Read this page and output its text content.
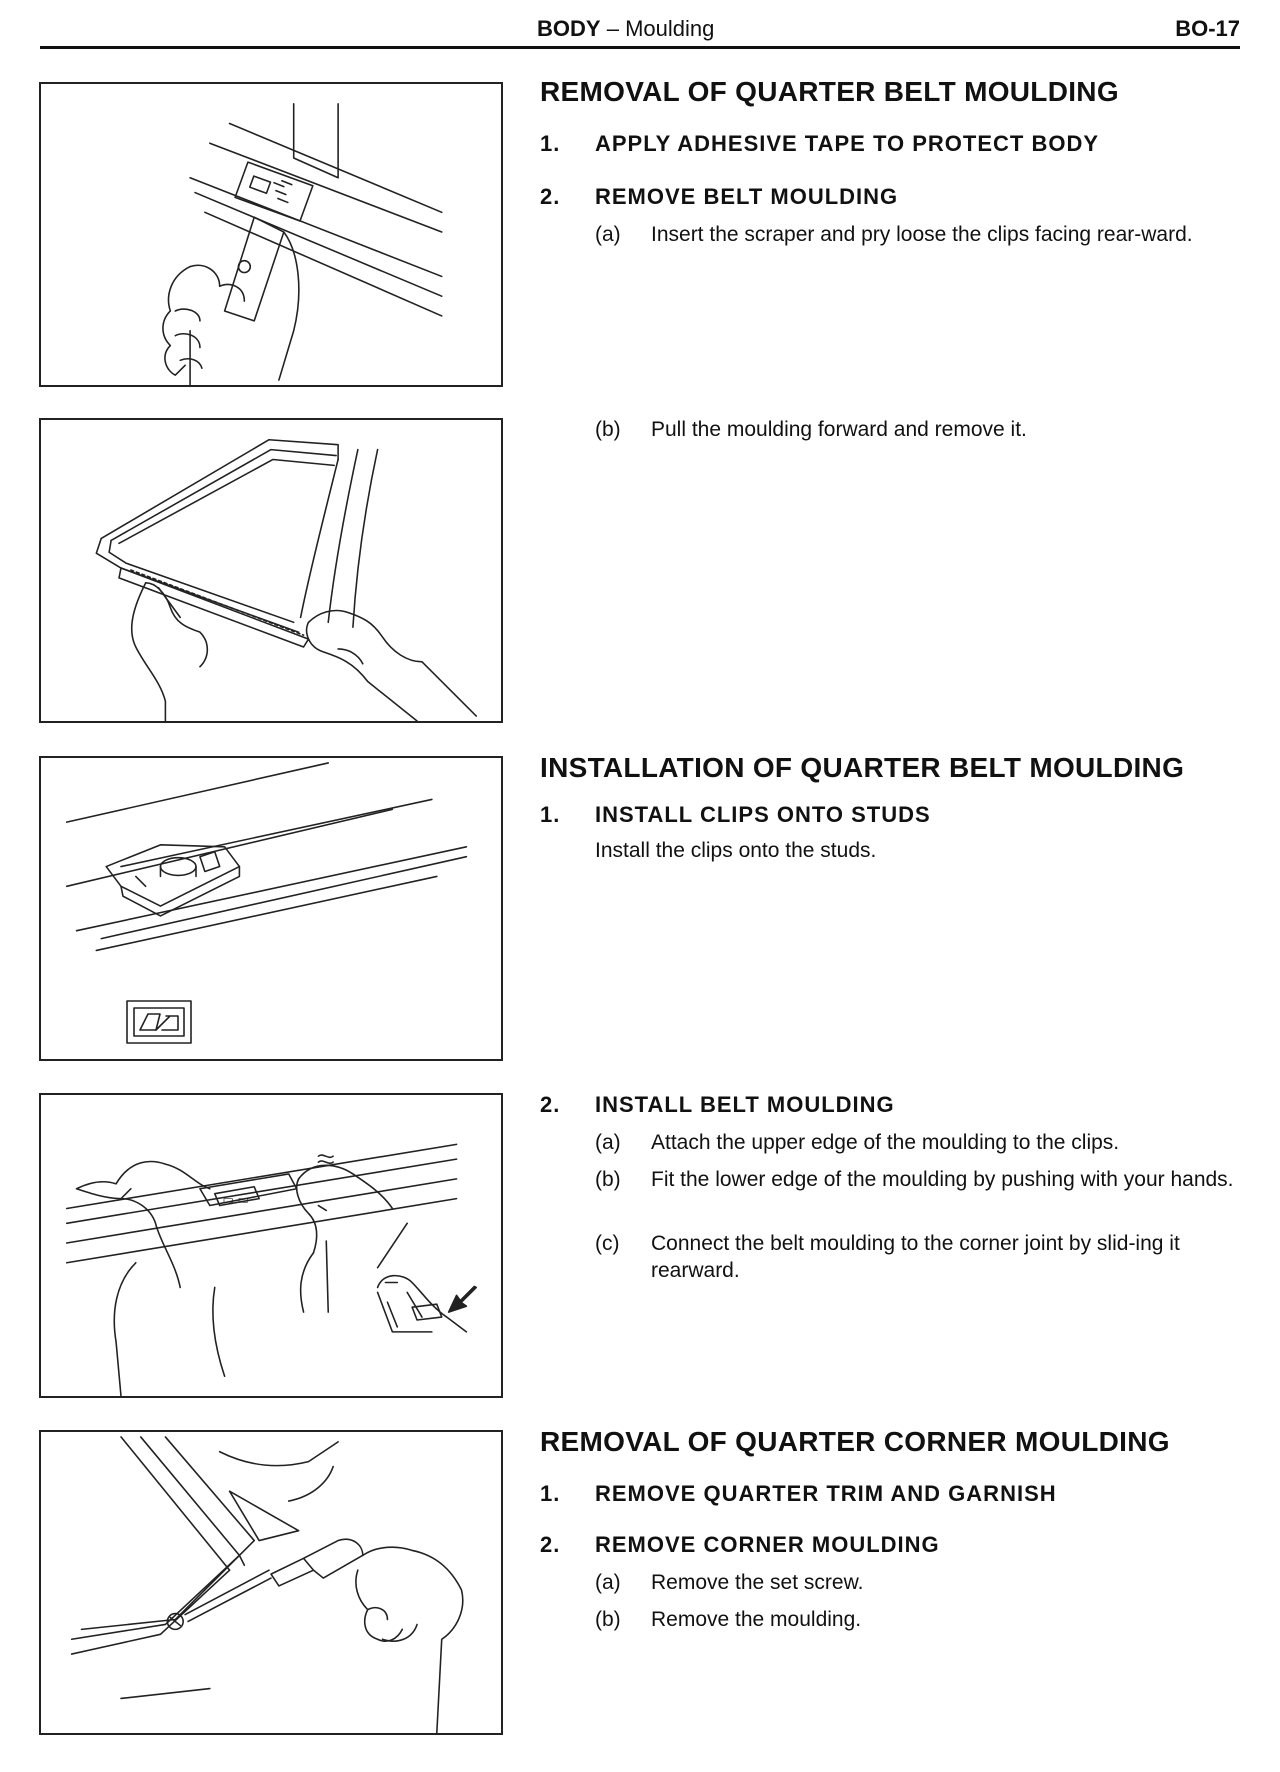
BODY – Moulding	BO-17
▭ ▭
REMOVAL OF QUARTER BELT MOULDING
1. APPLY ADHESIVE TAPE TO PROTECT BODY
2. REMOVE BELT MOULDING
(a) Insert the scraper and pry loose the clips facing rear-ward.
(b) Pull the moulding forward and remove it.
INSTALLATION OF QUARTER BELT MOULDING
1. INSTALL CLIPS ONTO STUDS
Install the clips onto the studs.
2. INSTALL BELT MOULDING
(a) Attach the upper edge of the moulding to the clips.
(b) Fit the lower edge of the moulding by pushing with your hands.
(c) Connect the belt moulding to the corner joint by slid-ing it rearward.
REMOVAL OF QUARTER CORNER MOULDING
1. REMOVE QUARTER TRIM AND GARNISH
2. REMOVE CORNER MOULDING
(a) Remove the set screw.
(b) Remove the moulding.
